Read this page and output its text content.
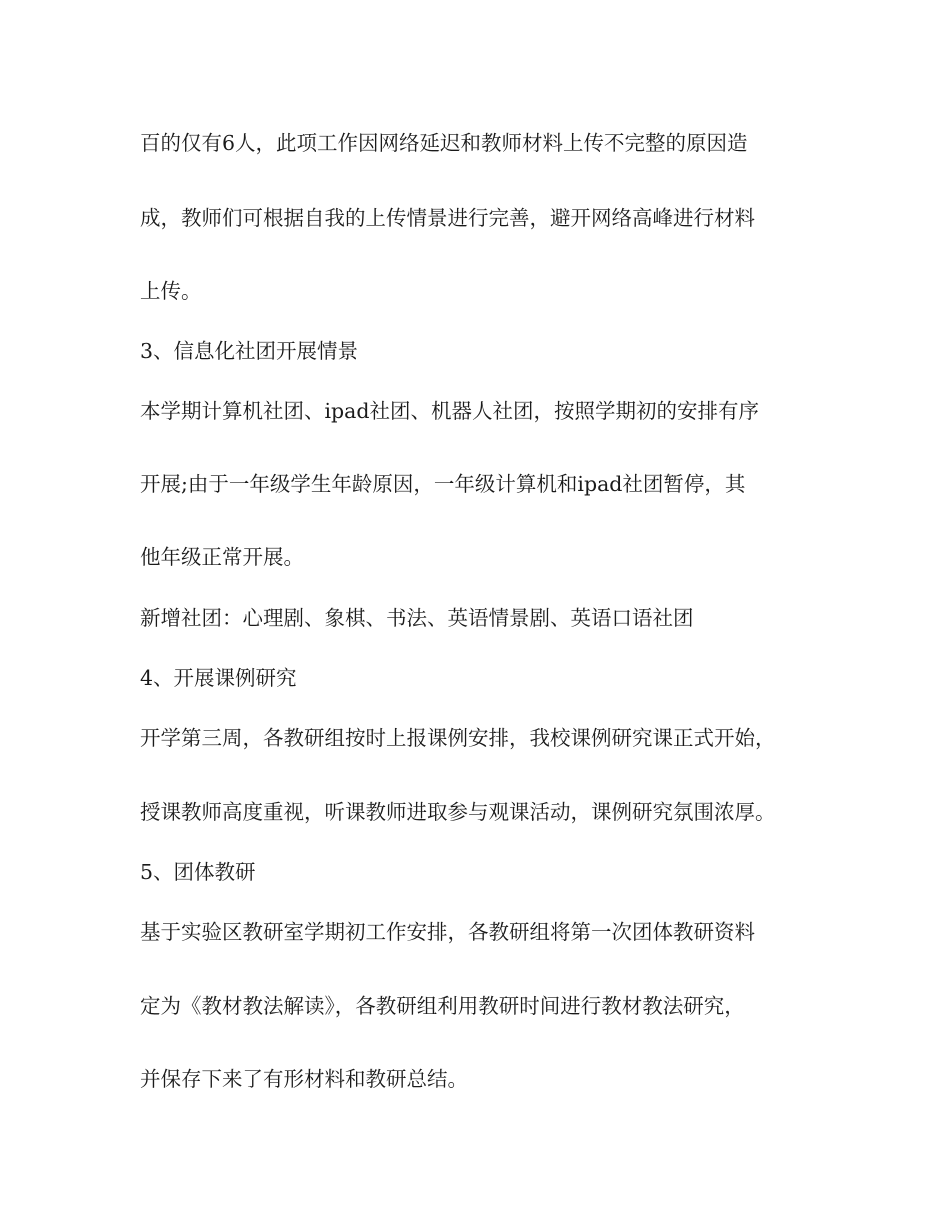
百的仅有6人，此项工作因网络延迟和教师材料上传不完整的原因造
成，教师们可根据自我的上传情景进行完善，避开网络高峰进行材料
上传。
3、信息化社团开展情景
本学期计算机社团、ipad社团、机器人社团，按照学期初的安排有序
开展;由于一年级学生年龄原因，一年级计算机和ipad社团暂停，其
他年级正常开展。
新增社团：心理剧、象棋、书法、英语情景剧、英语口语社团
4、开展课例研究
开学第三周，各教研组按时上报课例安排，我校课例研究课正式开始，
授课教师高度重视，听课教师进取参与观课活动，课例研究氛围浓厚。
5、团体教研
基于实验区教研室学期初工作安排，各教研组将第一次团体教研资料
定为《教材教法解读》，各教研组利用教研时间进行教材教法研究，
并保存下来了有形材料和教研总结。
